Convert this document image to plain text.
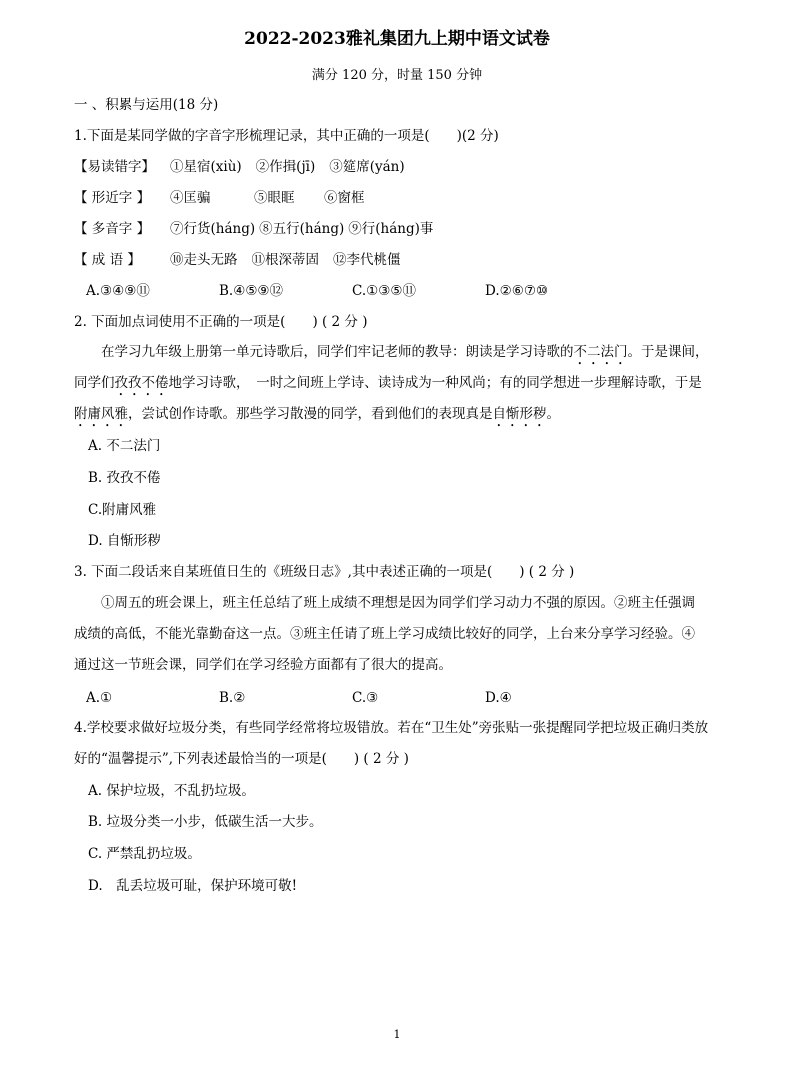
2022-2023雅礼集团九上期中语文试卷
满分 120 分，时量 150 分钟
一 、积累与运用(18 分)
1.下面是某同学做的字音字形梳理记录，其中正确的一项是(　　)(2 分)
【易读错字】 ①星宿(xiù) ②作揖(jī) ③筵席(yán)
【 形近字 】 ④匡骗	⑤眼眶 ⑥窗框
【 多音字 】 ⑦行货(háng) ⑧五行(háng) ⑨行(háng)事
【 成 语 】 ⑩走头无路 ⑪根深蒂固 ⑫李代桃僵
A.③④⑨⑪	B.④⑤⑨⑫	C.①③⑤⑪	D.②⑥⑦⑩
2. 下面加点词使用不正确的一项是(　　) ( 2 分 )
在学习九年级上册第一单元诗歌后，同学们牢记老师的教导：朗读是学习诗歌的不二法门。于是课间，
同学们孜孜不倦地学习诗歌，　一时之间班上学诗、读诗成为一种风尚；有的同学想进一步理解诗歌，于是
附庸风雅，尝试创作诗歌。那些学习散漫的同学，看到他们的表现真是自惭形秽。
A. 不二法门
B. 孜孜不倦
C.附庸风雅
D. 自惭形秽
3. 下面二段话来自某班值日生的《班级日志》,其中表述正确的一项是(　　) ( 2 分 )
①周五的班会课上，班主任总结了班上成绩不理想是因为同学们学习动力不强的原因。②班主任强调
成绩的高低，不能光靠勤奋这一点。③班主任请了班上学习成绩比较好的同学，上台来分享学习经验。④
通过这一节班会课，同学们在学习经验方面都有了很大的提高。
A.①	B.②	C.③	D.④
4.学校要求做好垃圾分类，有些同学经常将垃圾错放。若在“卫生处”旁张贴一张提醒同学把垃圾正确归类放
好的“温馨提示”,下列表述最恰当的一项是(　　) ( 2 分 )
A. 保护垃圾，不乱扔垃圾。
B. 垃圾分类一小步，低碳生活一大步。
C. 严禁乱扔垃圾。
D.　乱丢垃圾可耻，保护环境可敬!
1
